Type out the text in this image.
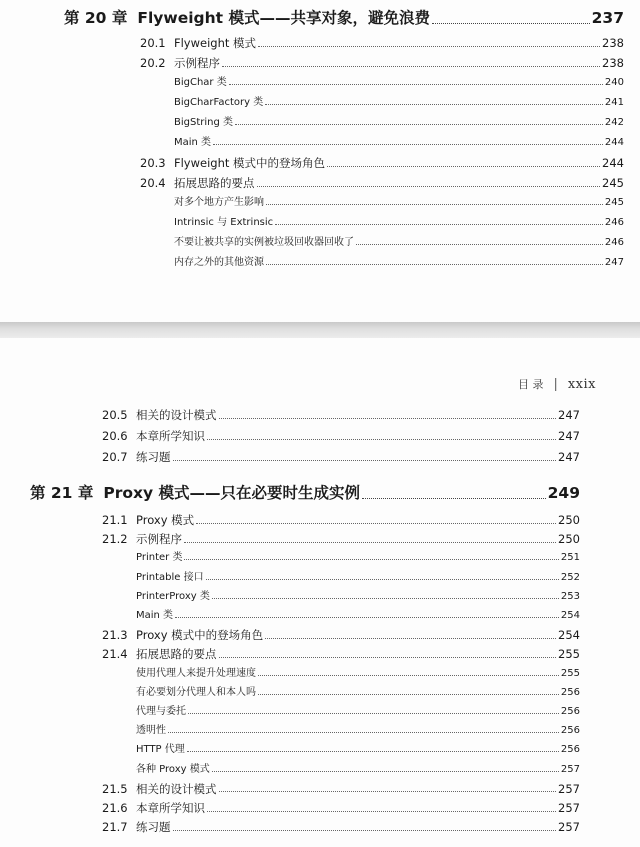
第 20 章 Flyweight 模式——共享对象，避免浪费	237
20.1 Flyweight 模式	238
20.2 示例程序	238
BigChar 类	240
BigCharFactory 类	241
BigString 类	242
Main 类	244
20.3 Flyweight 模式中的登场角色	244
20.4 拓展思路的要点	245
对多个地方产生影响	245
Intrinsic 与 Extrinsic	246
不要让被共享的实例被垃圾回收器回收了	246
内存之外的其他资源	247
目 录 | xxix
20.5 相关的设计模式	247
20.6 本章所学知识	247
20.7 练习题	247
第 21 章 Proxy 模式——只在必要时生成实例	249
21.1 Proxy 模式	250
21.2 示例程序	250
Printer 类	251
Printable 接口	252
PrinterProxy 类	253
Main 类	254
21.3 Proxy 模式中的登场角色	254
21.4 拓展思路的要点	255
使用代理人来提升处理速度	255
有必要划分代理人和本人吗	256
代理与委托	256
透明性	256
HTTP 代理	256
各种 Proxy 模式	257
21.5 相关的设计模式	257
21.6 本章所学知识	257
21.7 练习题	257
